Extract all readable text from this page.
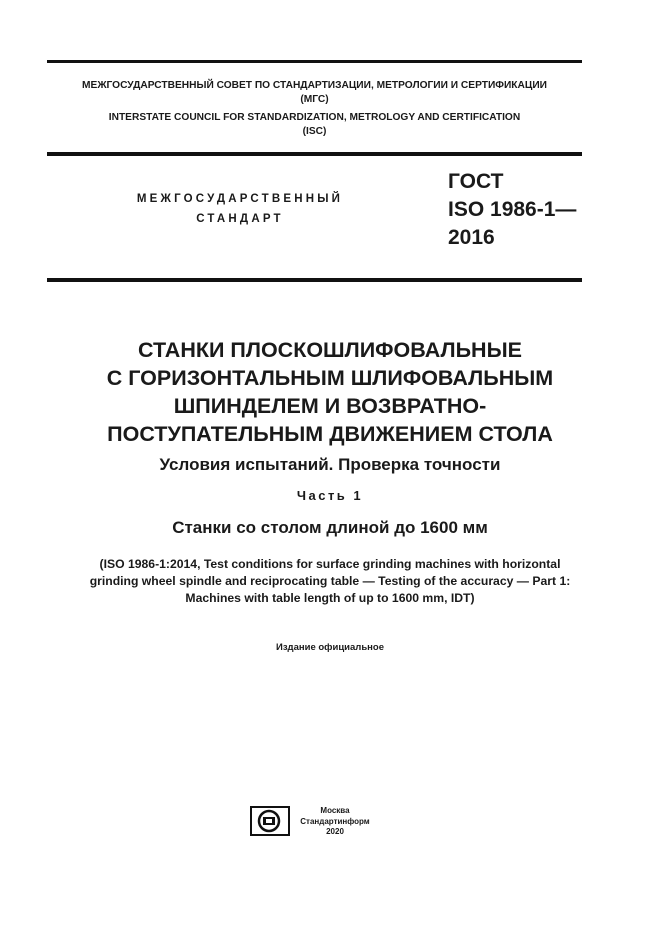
МЕЖГОСУДАРСТВЕННЫЙ СОВЕТ ПО СТАНДАРТИЗАЦИИ, МЕТРОЛОГИИ И СЕРТИФИКАЦИИ
(МГС)
INTERSTATE COUNCIL FOR STANDARDIZATION, METROLOGY AND CERTIFICATION
(ISC)
МЕЖГОСУДАРСТВЕННЫЙ
СТАНДАРТ
ГОСТ
ISO 1986-1—
2016
СТАНКИ ПЛОСКОШЛИФОВАЛЬНЫЕ
С ГОРИЗОНТАЛЬНЫМ ШЛИФОВАЛЬНЫМ
ШПИНДЕЛЕМ И ВОЗВРАТНО-
ПОСТУПАТЕЛЬНЫМ ДВИЖЕНИЕМ СТОЛА
Условия испытаний. Проверка точности
Часть 1
Станки со столом длиной до 1600 мм
(ISO 1986-1:2014, Test conditions for surface grinding machines with horizontal
grinding wheel spindle and reciprocating table — Testing of the accuracy — Part 1:
Machines with table length of up to 1600 mm, IDT)
Издание официальное
Москва
Стандартинформ
2020
